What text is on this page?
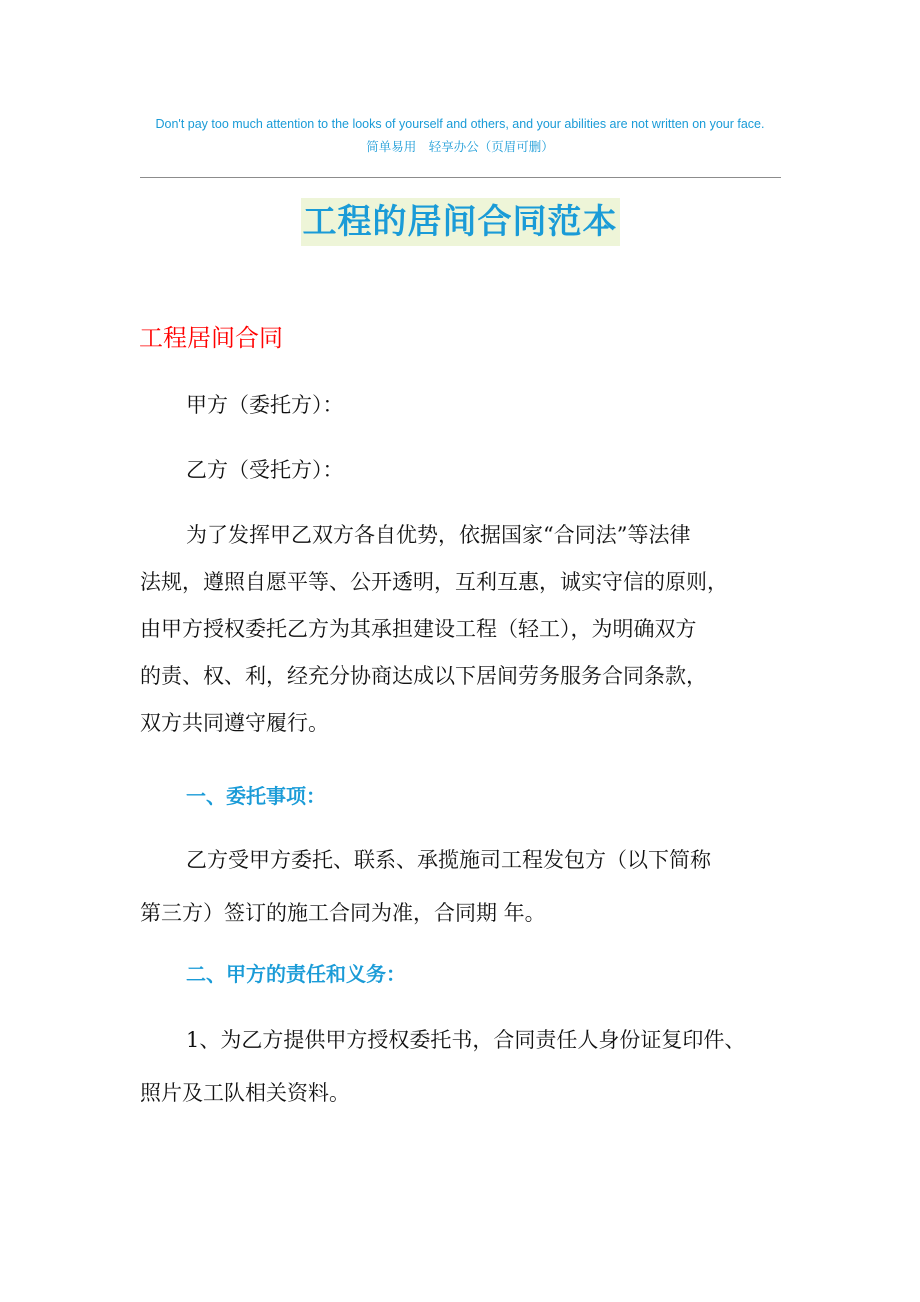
Don't pay too much attention to the looks of yourself and others, and your abilities are not written on your face.
简单易用　轻享办公（页眉可删）
工程的居间合同范本
工程居间合同
甲方（委托方）：
乙方（受托方）：
为了发挥甲乙双方各自优势，依据国家“合同法”等法律
法规，遵照自愿平等、公开透明，互利互惠，诚实守信的原则，
由甲方授权委托乙方为其承担建设工程（轻工），为明确双方
的责、权、利，经充分协商达成以下居间劳务服务合同条款，
双方共同遵守履行。
一、委托事项：
乙方受甲方委托、联系、承揽施司工程发包方（以下简称
第三方）签订的施工合同为准，合同期 年。
二、甲方的责任和义务：
1、为乙方提供甲方授权委托书，合同责任人身份证复印件、
照片及工队相关资料。
